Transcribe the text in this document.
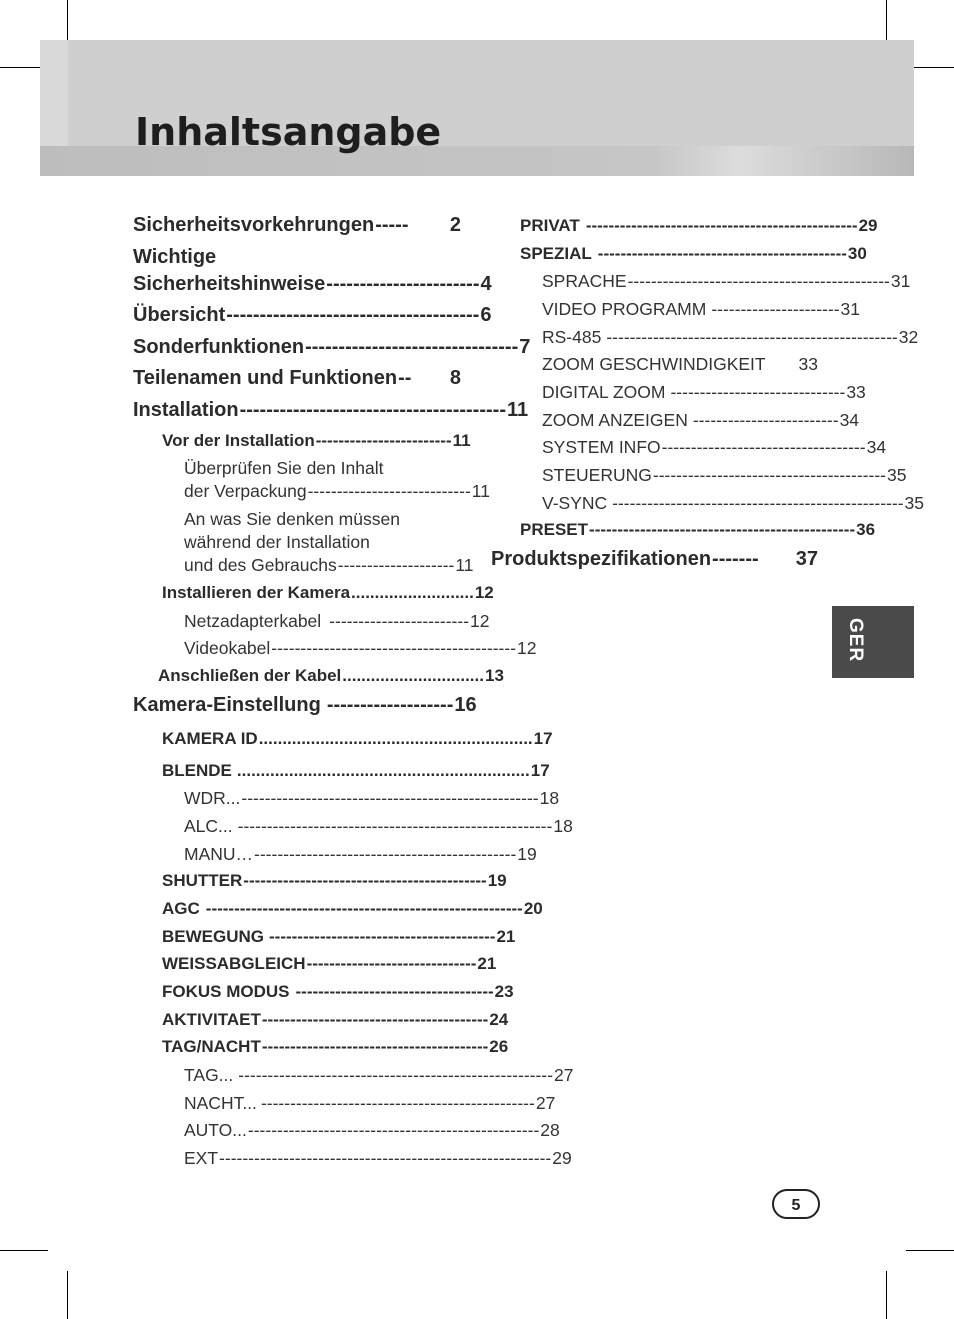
Inhaltsangabe
Sicherheitsvorkehrungen -----	2
Wichtige
Sicherheitshinweise ----------------------- 4
Übersicht -------------------------------------- 6
Sonderfunktionen -------------------------------- 7
Teilenamen und Funktionen --	8
Installation ---------------------------------------- 11
Vor der Installation ------------------------ 11
Überprüfen Sie den Inhalt
der Verpackung ---------------------------- 11
An was Sie denken müssen
während der Installation
und des Gebrauchs -------------------- 11
Installieren der Kamera .......................... 12
Netzadapterkabel ------------------------ 12
Videokabel ------------------------------------------ 12
Anschließen der Kabel .............................. 13
Kamera-Einstellung ------------------- 16
KAMERA ID .......................................................... 17
BLENDE .............................................................. 17
WDR... --------------------------------------------------- 18
ALC... ------------------------------------------------------ 18
MANU… --------------------------------------------- 19
SHUTTER ------------------------------------------- 19
AGC -------------------------------------------------------- 20
BEWEGUNG ---------------------------------------- 21
WEISSABGLEICH ------------------------------ 21
FOKUS MODUS ----------------------------------- 23
AKTIVITAET ---------------------------------------- 24
TAG/NACHT ---------------------------------------- 26
TAG... ------------------------------------------------------ 27
NACHT... ----------------------------------------------- 27
AUTO... -------------------------------------------------- 28
EXT --------------------------------------------------------- 29
PRIVAT ------------------------------------------------ 29
SPEZIAL -------------------------------------------- 30
SPRACHE --------------------------------------------- 31
VIDEO PROGRAMM ---------------------- 31
RS-485 -------------------------------------------------- 32
ZOOM GESCHWINDIGKEIT 33
DIGITAL ZOOM ------------------------------ 33
ZOOM ANZEIGEN ------------------------- 34
SYSTEM INFO ----------------------------------- 34
STEUERUNG ---------------------------------------- 35
V-SYNC -------------------------------------------------- 35
PRESET ----------------------------------------------- 36
Produktspezifikationen -------	37
GER
5
